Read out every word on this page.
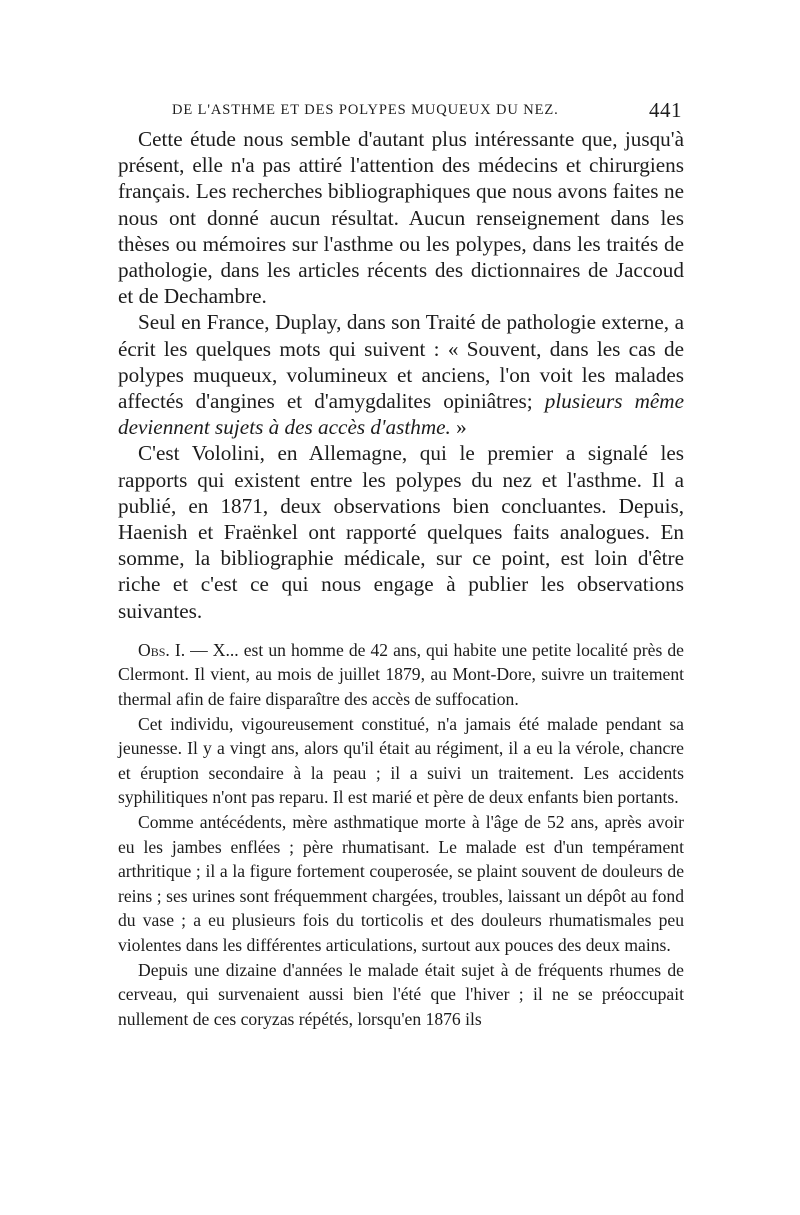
DE L'ASTHME ET DES POLYPES MUQUEUX DU NEZ.	441

Cette étude nous semble d'autant plus intéressante que, jusqu'à présent, elle n'a pas attiré l'attention des médecins et chirurgiens français. Les recherches bibliographiques que nous avons faites ne nous ont donné aucun résultat. Aucun renseignement dans les thèses ou mémoires sur l'asthme ou les polypes, dans les traités de pathologie, dans les articles récents des dictionnaires de Jaccoud et de Dechambre.

Seul en France, Duplay, dans son Traité de pathologie externe, a écrit les quelques mots qui suivent : « Souvent, dans les cas de polypes muqueux, volumineux et anciens, l'on voit les malades affectés d'angines et d'amygdalites opiniâtres; plusieurs même deviennent sujets à des accès d'asthme. »

C'est Vololini, en Allemagne, qui le premier a signalé les rapports qui existent entre les polypes du nez et l'asthme. Il a publié, en 1871, deux observations bien concluantes. Depuis, Haenish et Fraënkel ont rapporté quelques faits analogues. En somme, la bibliographie médicale, sur ce point, est loin d'être riche et c'est ce qui nous engage à publier les observations suivantes.

Obs. I. — X... est un homme de 42 ans, qui habite une petite localité près de Clermont. Il vient, au mois de juillet 1879, au Mont-Dore, suivre un traitement thermal afin de faire disparaître des accès de suffocation.

Cet individu, vigoureusement constitué, n'a jamais été malade pendant sa jeunesse. Il y a vingt ans, alors qu'il était au régiment, il a eu la vérole, chancre et éruption secondaire à la peau ; il a suivi un traitement. Les accidents syphilitiques n'ont pas reparu. Il est marié et père de deux enfants bien portants.

Comme antécédents, mère asthmatique morte à l'âge de 52 ans, après avoir eu les jambes enflées ; père rhumatisant. Le malade est d'un tempérament arthritique ; il a la figure fortement couperosée, se plaint souvent de douleurs de reins ; ses urines sont fréquemment chargées, troubles, laissant un dépôt au fond du vase ; a eu plusieurs fois du torticolis et des douleurs rhumatismales peu violentes dans les différentes articulations, surtout aux pouces des deux mains.

Depuis une dizaine d'années le malade était sujet à de fréquents rhumes de cerveau, qui survenaient aussi bien l'été que l'hiver ; il ne se préoccupait nullement de ces coryzas répétés, lorsqu'en 1876 ils
